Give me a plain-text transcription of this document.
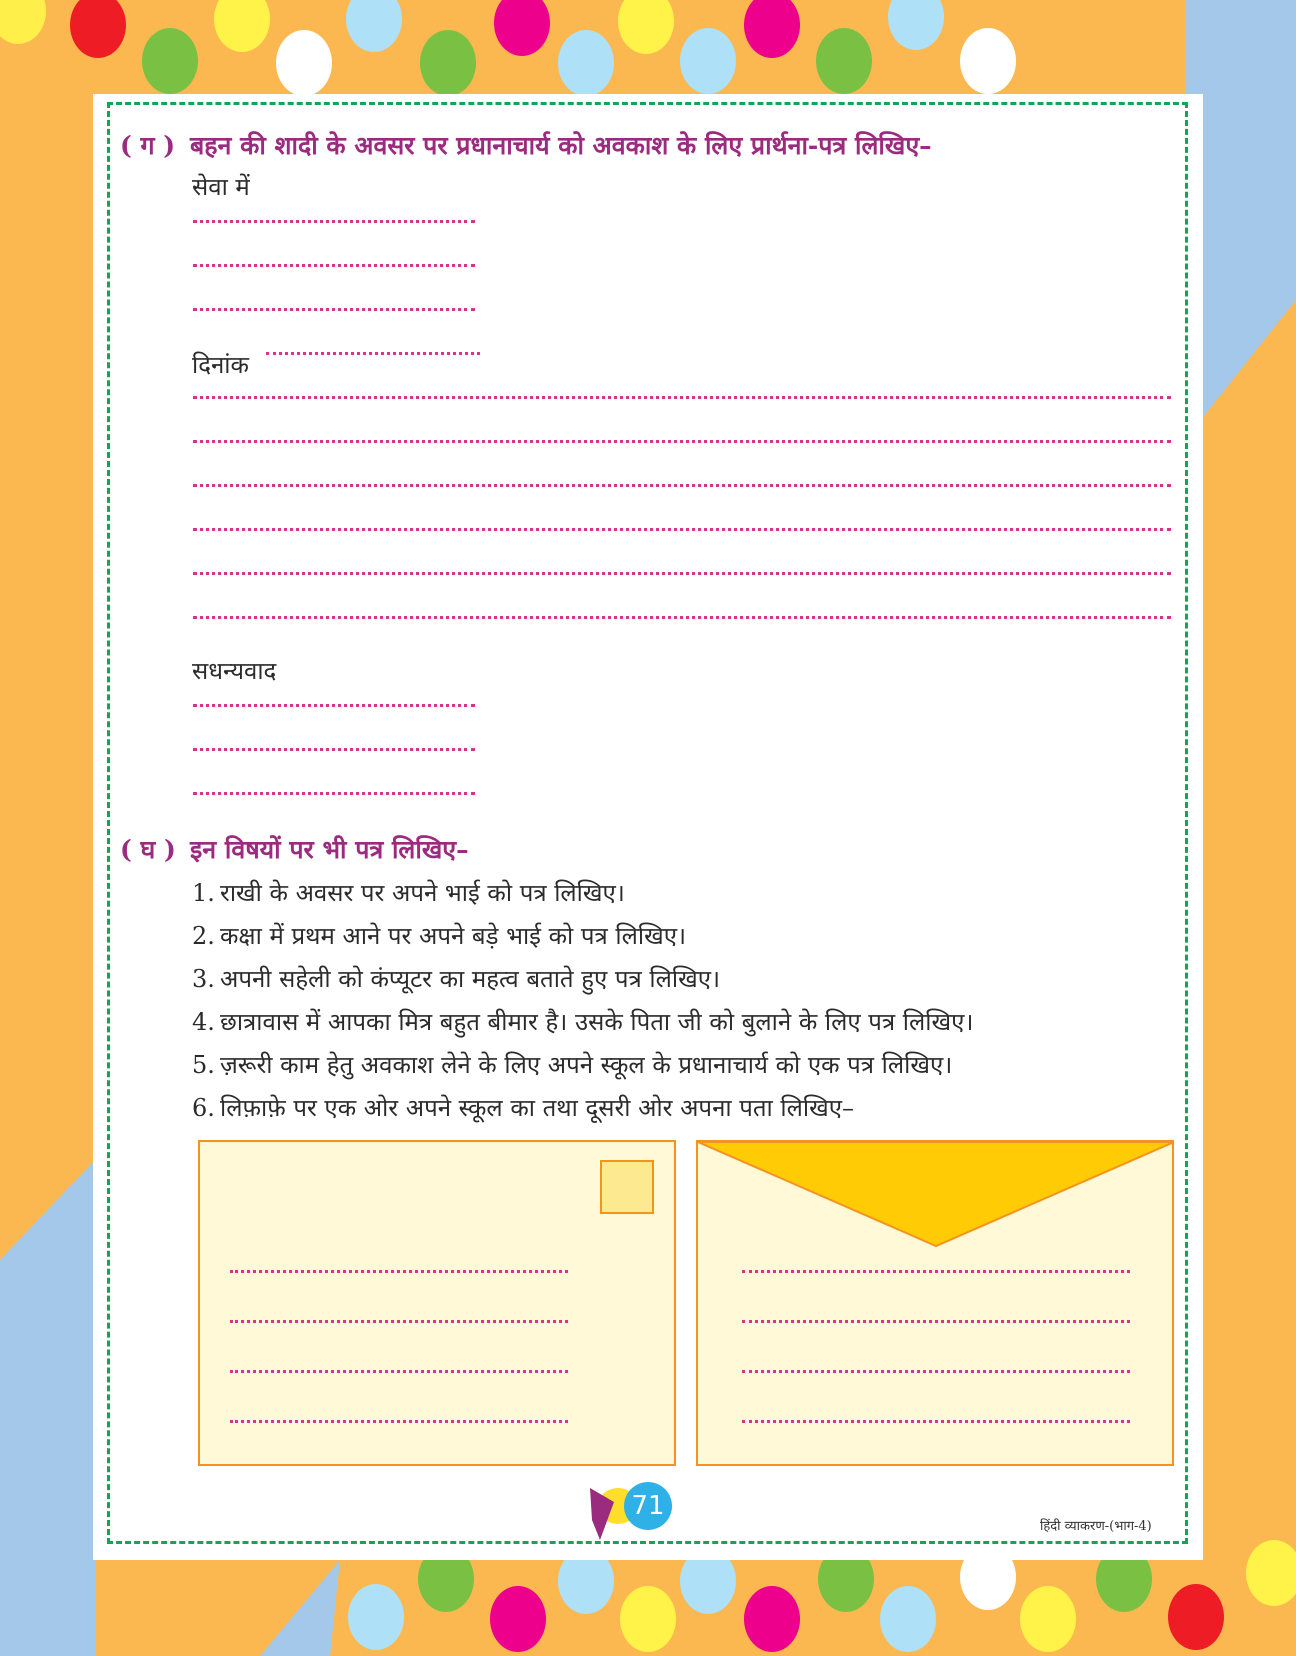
( ग ) बहन की शादी के अवसर पर प्रधानाचार्य को अवकाश के लिए प्रार्थना-पत्र लिखिए–
सेवा में
दिनांक
सधन्यवाद
( घ ) इन विषयों पर भी पत्र लिखिए–
1. राखी के अवसर पर अपने भाई को पत्र लिखिए।
2. कक्षा में प्रथम आने पर अपने बड़े भाई को पत्र लिखिए।
3. अपनी सहेली को कंप्यूटर का महत्व बताते हुए पत्र लिखिए।
4. छात्रावास में आपका मित्र बहुत बीमार है। उसके पिता जी को बुलाने के लिए पत्र लिखिए।
5. ज़रूरी काम हेतु अवकाश लेने के लिए अपने स्कूल के प्रधानाचार्य को एक पत्र लिखिए।
6. लिफ़ाफ़े पर एक ओर अपने स्कूल का तथा दूसरी ओर अपना पता लिखिए–
71
हिंदी व्याकरण-(भाग-4)
